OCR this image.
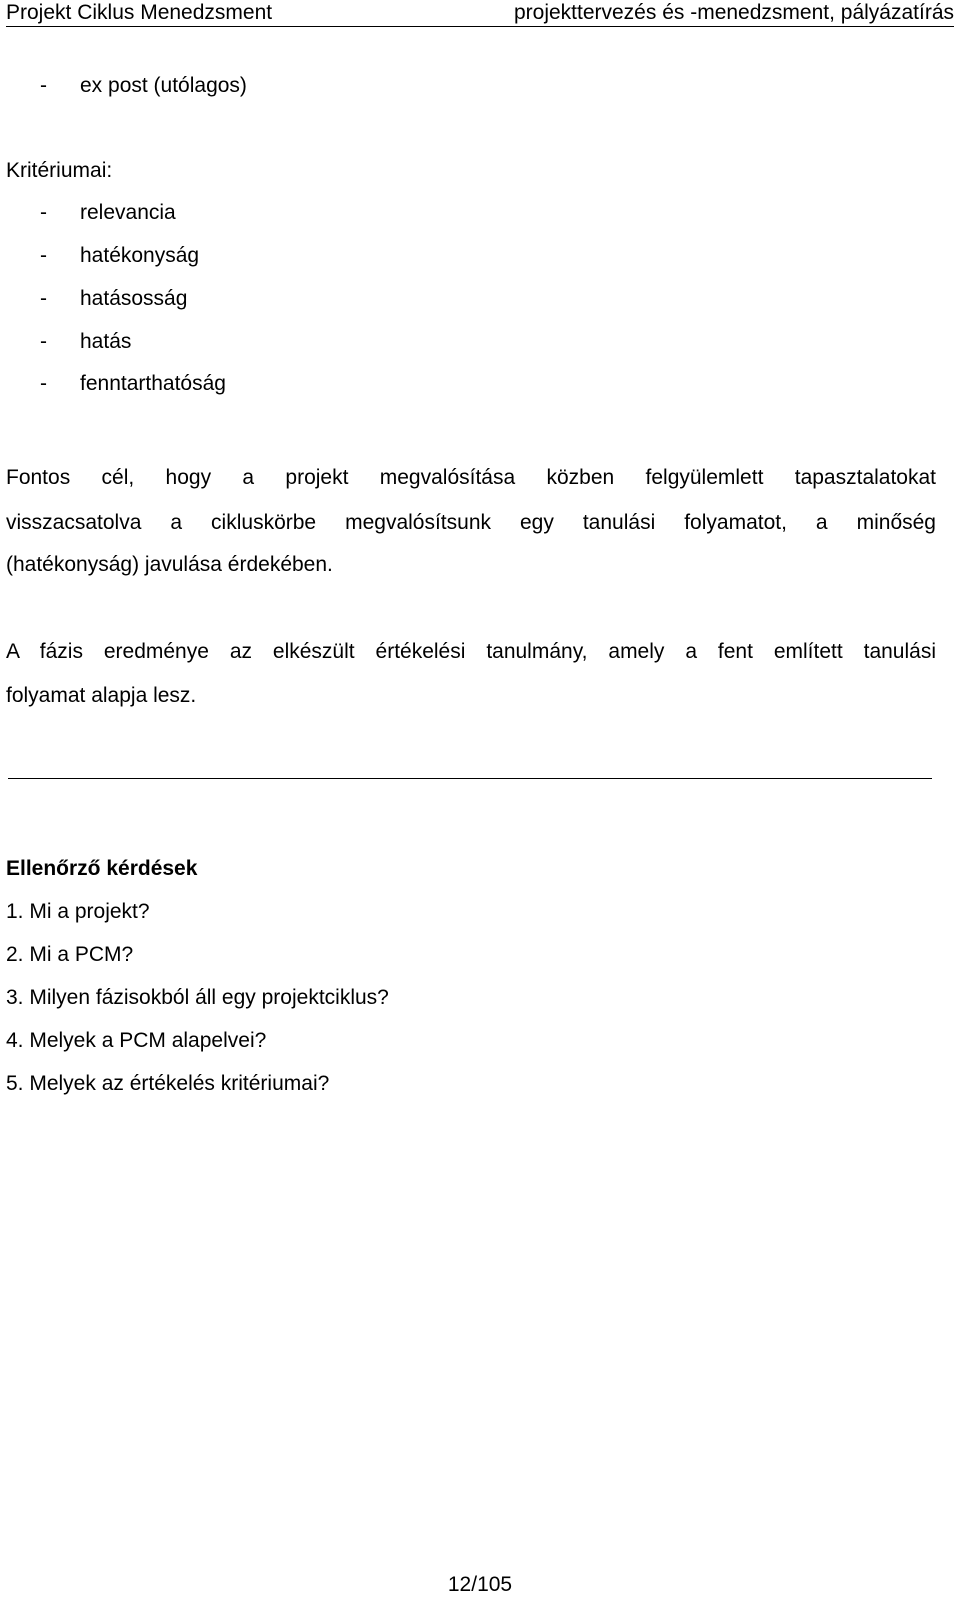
Projekt Ciklus Menedzsment	projekttervezés és -menedzsment, pályázatírás
- ex post (utólagos)
Kritériumai:
- relevancia
- hatékonyság
- hatásosság
- hatás
- fenntarthatóság
Fontos cél, hogy a projekt megvalósítása közben felgyülemlett tapasztalatokat
visszacsatolva a cikluskörbe megvalósítsunk egy tanulási folyamatot, a minőség
(hatékonyság) javulása érdekében.
A fázis eredménye az elkészült értékelési tanulmány, amely a fent említett tanulási
folyamat alapja lesz.
Ellenőrző kérdések
1. Mi a projekt?
2. Mi a PCM?
3. Milyen fázisokból áll egy projektciklus?
4. Melyek a PCM alapelvei?
5. Melyek az értékelés kritériumai?
12/105
